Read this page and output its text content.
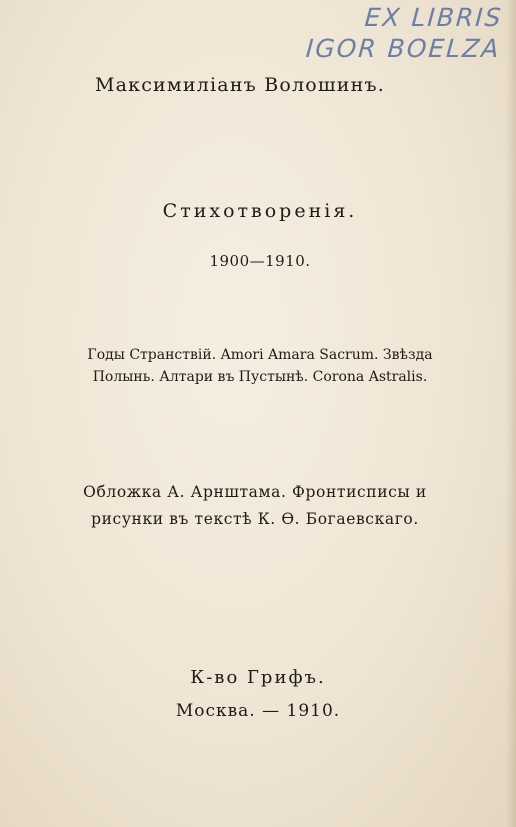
EX LIBRIS
IGOR BOELZA
Максимиліанъ Волошинъ.
Стихотворенія.
1900—1910.
Годы Странствій. Amori Amara Sacrum. Звѣзда
Полынь. Алтари въ Пустынѣ. Corona Astralis.
Обложка А. Арнштама. Фронтисписы и
рисунки въ текстѣ К. Ѳ. Богаевскаго.
К-во Грифъ.
Москва. — 1910.
